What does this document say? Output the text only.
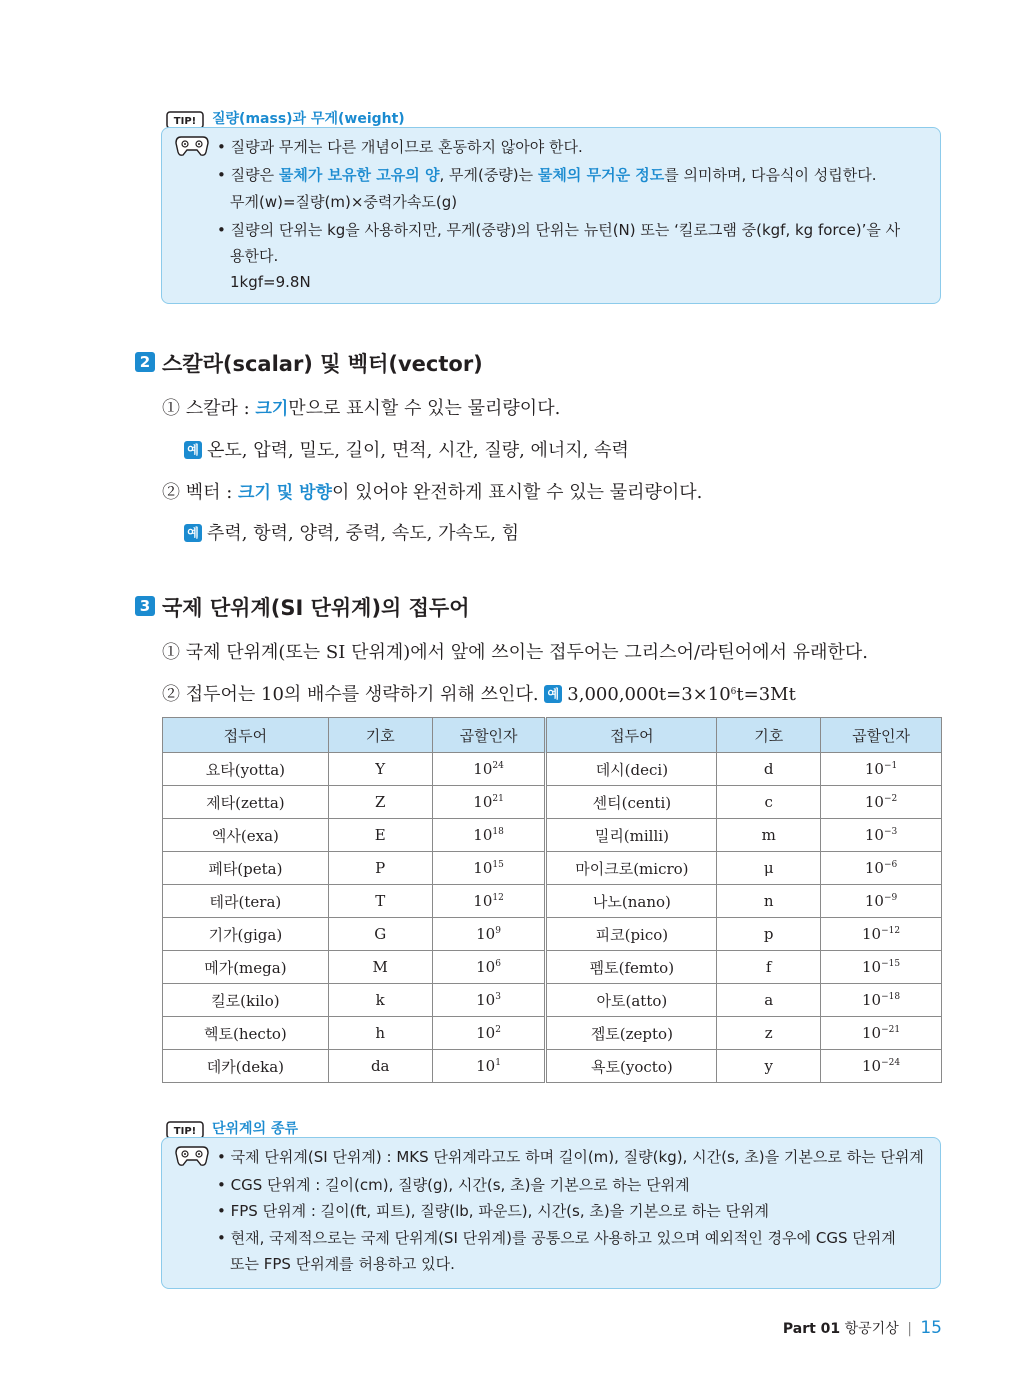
TIP! 질량(mass)과 무게(weight)
• 질량과 무게는 다른 개념이므로 혼동하지 않아야 한다.
• 질량은 물체가 보유한 고유의 양, 무게(중량)는 물체의 무거운 정도를 의미하며, 다음식이 성립한다.
무게(w)=질량(m)×중력가속도(g)
• 질량의 단위는 kg을 사용하지만, 무게(중량)의 단위는 뉴턴(N) 또는 ‘킬로그램 중(kgf, kg force)’을 사
용한다.
1kgf=9.8N
2 스칼라(scalar) 및 벡터(vector)
① 스칼라 : 크기만으로 표시할 수 있는 물리량이다.
예 온도, 압력, 밀도, 길이, 면적, 시간, 질량, 에너지, 속력
② 벡터 : 크기 및 방향이 있어야 완전하게 표시할 수 있는 물리량이다.
예 추력, 항력, 양력, 중력, 속도, 가속도, 힘
3 국제 단위계(SI 단위계)의 접두어
① 국제 단위계(또는 SI 단위계)에서 앞에 쓰이는 접두어는 그리스어/라틴어에서 유래한다.
② 접두어는 10의 배수를 생략하기 위해 쓰인다. 예 $3,000,000t=3\times 10^6t=3Mt$
접두어	기호	곱할인자	접두어	기호	곱할인자
요타(yotta)	Y	$10^{24}$	데시(deci)	d	$10^{-1}$
제타(zetta)	Z	$10^{21}$	센티(centi)	c	$10^{-2}$
엑사(exa)	E	$10^{18}$	밀리(milli)	m	$10^{-3}$
페타(peta)	P	$10^{15}$	마이크로(micro)	μ	$10^{-6}$
테라(tera)	T	$10^{12}$	나노(nano)	n	$10^{-9}$
기가(giga)	G	$10^9$	피코(pico)	p	$10^{-12}$
메가(mega)	M	$10^6$	펨토(femto)	f	$10^{-15}$
킬로(kilo)	k	$10^3$	아토(atto)	a	$10^{-18}$
헥토(hecto)	h	$10^2$	젭토(zepto)	z	$10^{-21}$
데카(deka)	da	$10^1$	욕토(yocto)	y	$10^{-24}$
TIP! 단위계의 종류
• 국제 단위계(SI 단위계) : MKS 단위계라고도 하며 길이(m), 질량(kg), 시간(s, 초)을 기본으로 하는 단위계
• CGS 단위계 : 길이(cm), 질량(g), 시간(s, 초)을 기본으로 하는 단위계
• FPS 단위계 : 길이(ft, 피트), 질량(lb, 파운드), 시간(s, 초)을 기본으로 하는 단위계
• 현재, 국제적으로는 국제 단위계(SI 단위계)를 공통으로 사용하고 있으며 예외적인 경우에 CGS 단위계
또는 FPS 단위계를 허용하고 있다.
Part 01 항공기상 | 15
